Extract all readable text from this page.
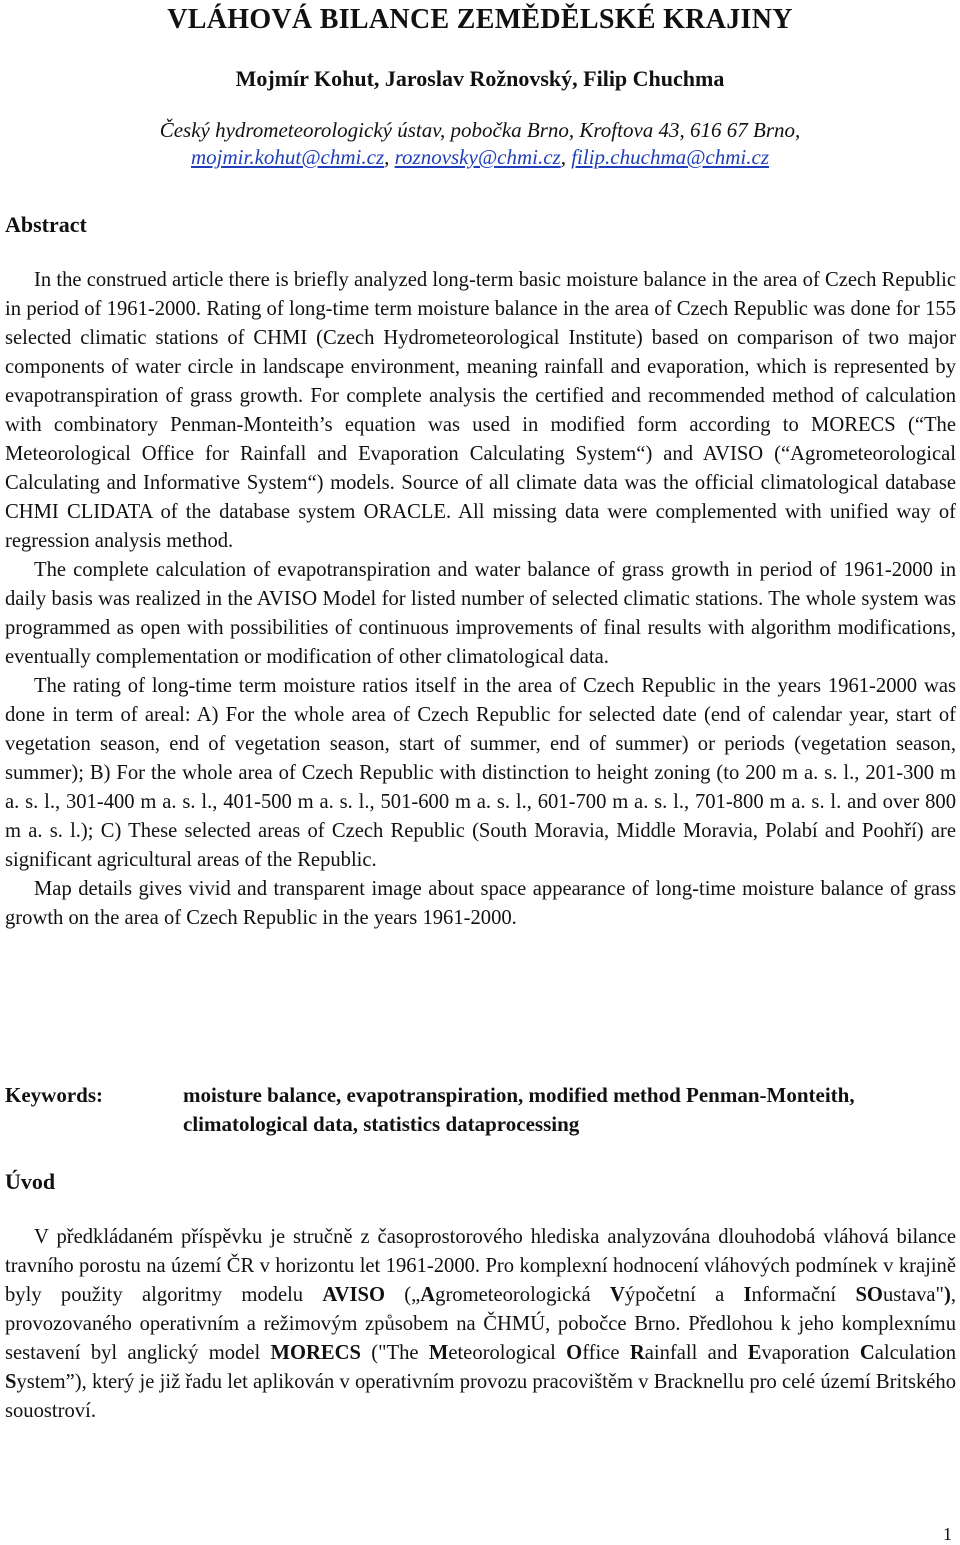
VLÁHOVÁ BILANCE ZEMĚDĚLSKÉ KRAJINY
Mojmír Kohut, Jaroslav Rožnovský, Filip Chuchma
Český hydrometeorologický ústav, pobočka Brno, Kroftova 43, 616 67 Brno,
mojmir.kohut@chmi.cz, roznovsky@chmi.cz, filip.chuchma@chmi.cz
Abstract

In the construed article there is briefly analyzed long-term basic moisture balance in the area of Czech Republic in period of 1961-2000. Rating of long-time term moisture balance in the area of Czech Republic was done for 155 selected climatic stations of CHMI (Czech Hydrometeorological Institute) based on comparison of two major components of water circle in landscape environment, meaning rainfall and evaporation, which is represented by evapotranspiration of grass growth. For complete analysis the certified and recommended method of calculation with combinatory Penman-Monteith’s equation was used in modified form according to MORECS (“The Meteorological Office for Rainfall and Evaporation Calculating System“) and AVISO (“Agrometeorological Calculating and Informative System“) models. Source of all climate data was the official climatological database CHMI CLIDATA of the database system ORACLE. All missing data were complemented with unified way of regression analysis method.

The complete calculation of evapotranspiration and water balance of grass growth in period of 1961-2000 in daily basis was realized in the AVISO Model for listed number of selected climatic stations. The whole system was programmed as open with possibilities of continuous improvements of final results with algorithm modifications, eventually complementation or modification of other climatological data.

The rating of long-time term moisture ratios itself in the area of Czech Republic in the years 1961-2000 was done in term of areal: A) For the whole area of Czech Republic for selected date (end of calendar year, start of vegetation season, end of vegetation season, start of summer, end of summer) or periods (vegetation season, summer); B) For the whole area of Czech Republic with distinction to height zoning (to 200 m a. s. l., 201-300 m a. s. l., 301-400 m a. s. l., 401-500 m a. s. l., 501-600 m a. s. l., 601-700 m a. s. l., 701-800 m a. s. l. and over 800 m a. s. l.); C) These selected areas of Czech Republic (South Moravia, Middle Moravia, Polabí and Poohří) are significant agricultural areas of the Republic.

Map details gives vivid and transparent image about space appearance of long-time moisture balance of grass growth on the area of Czech Republic in the years 1961-2000.

Keywords:	moisture balance, evapotranspiration, modified method Penman-Monteith, climatological data, statistics dataprocessing
Úvod

V předkládaném příspěvku je stručně z časoprostorového hlediska analyzována dlouhodobá vláhová bilance travního porostu na území ČR v horizontu let 1961-2000. Pro komplexní hodnocení vláhových podmínek v krajině byly použity algoritmy modelu AVISO („Agrometeorologická Výpočetní a Informační SOustava"), provozovaného operativním a režimovým způsobem na ČHMÚ, pobočce Brno. Předlohou k jeho komplexnímu sestavení byl anglický model MORECS ("The Meteorological Office Rainfall and Evaporation Calculation System”), který je již řadu let aplikován v operativním provozu pracovištěm v Bracknellu pro celé území Britského souostroví.

1
